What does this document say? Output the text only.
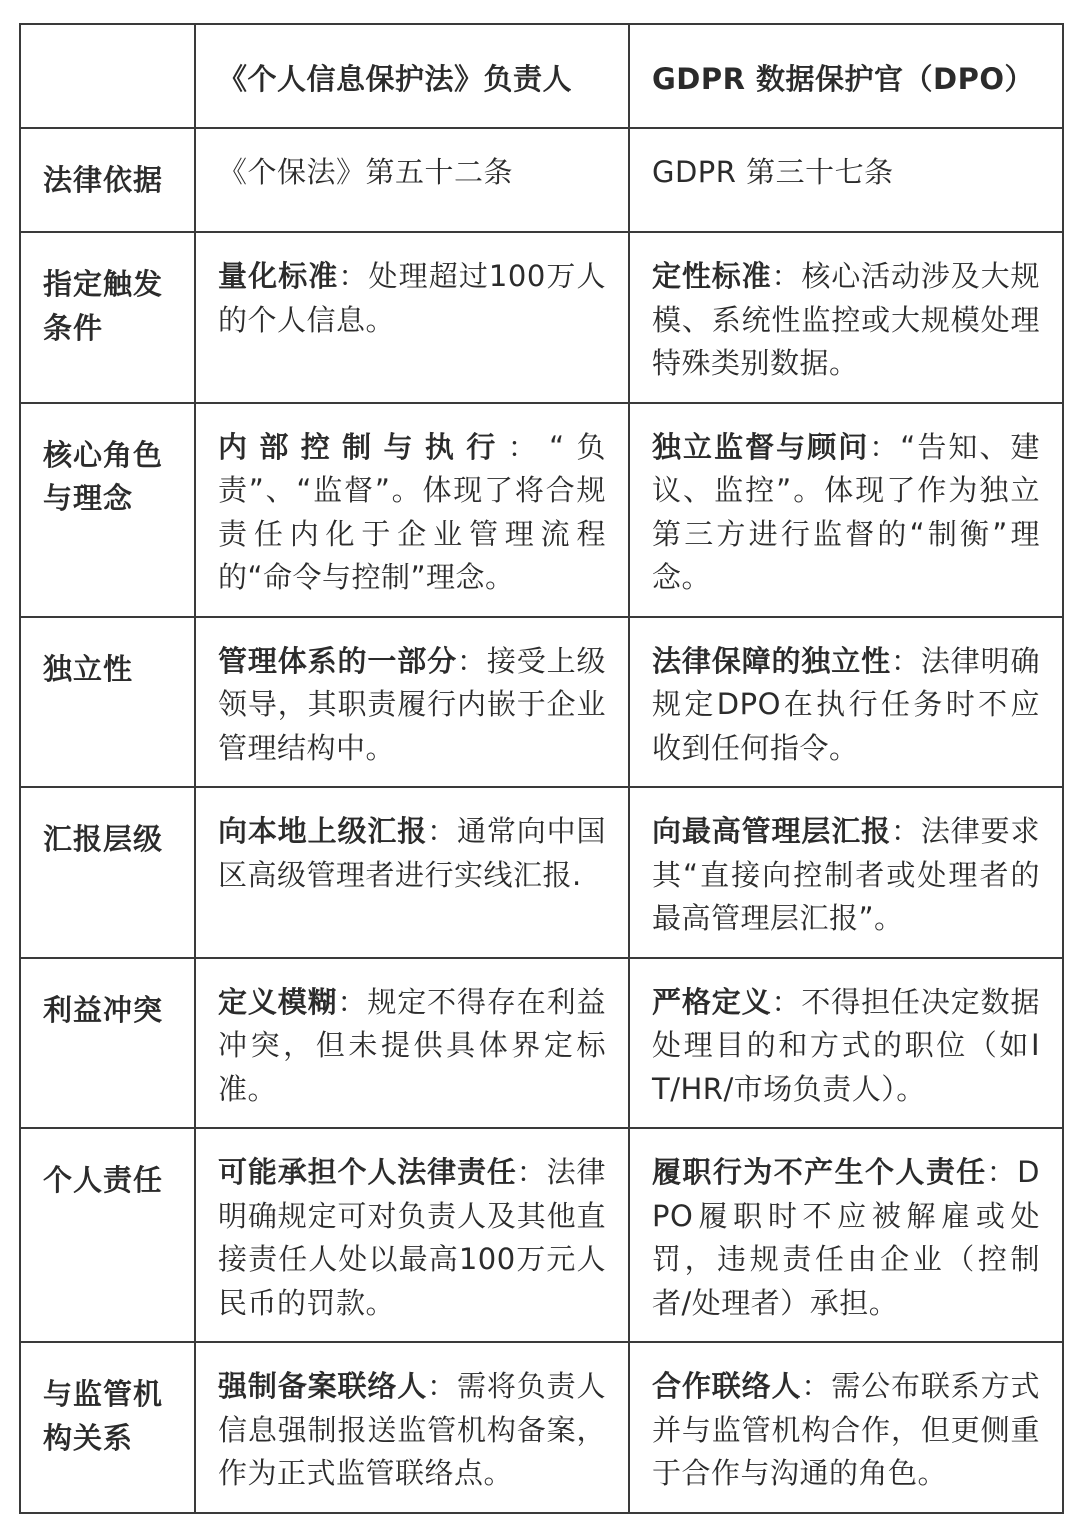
	《个人信息保护法》负责人	GDPR 数据保护官（DPO）

法律依据	《个保法》第五十二条	GDPR 第三十七条

指定触发条件	量化标准：处理超过100万人的个人信息。	定性标准：核心活动涉及大规模、系统性监控或大规模处理特殊类别数据。

核心角色与理念	内部控制与执行：“负责”、“监督”。体现了将合规责任内化于企业管理流程的“命令与控制”理念。	独立监督与顾问：“告知、建议、监控”。体现了作为独立第三方进行监督的“制衡”理念。

独立性	管理体系的一部分：接受上级领导，其职责履行内嵌于企业管理结构中。	法律保障的独立性：法律明确规定DPO在执行任务时不应收到任何指令。

汇报层级	向本地上级汇报：通常向中国区高级管理者进行实线汇报.	向最高管理层汇报：法律要求其“直接向控制者或处理者的最高管理层汇报”。

利益冲突	定义模糊：规定不得存在利益冲突，但未提供具体界定标准。	严格定义：不得担任决定数据处理目的和方式的职位（如IT/HR/市场负责人）。

个人责任	可能承担个人法律责任：法律明确规定可对负责人及其他直接责任人处以最高100万元人民币的罚款。	履职行为不产生个人责任：DPO履职时不应被解雇或处罚，违规责任由企业（控制者/处理者）承担。

与监管机构关系	强制备案联络人：需将负责人信息强制报送监管机构备案，作为正式监管联络点。	合作联络人：需公布联系方式并与监管机构合作，但更侧重于合作与沟通的角色。
